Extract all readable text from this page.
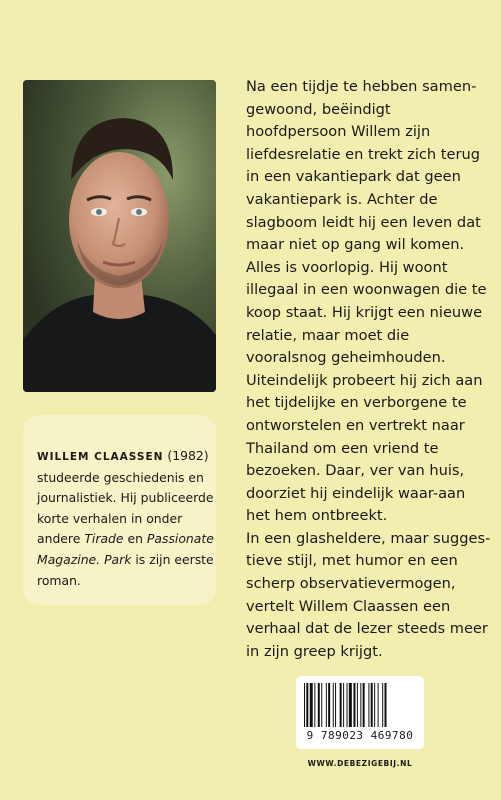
WILLEM CLAASSEN (1982) studeerde geschiedenis en journalistiek. Hij publiceerde korte verhalen in onder andere Tirade en Passionate Magazine. Park is zijn eerste roman.

Na een tijdje te hebben samen-gewoond, beëindigt hoofdpersoon Willem zijn liefdesrelatie en trekt zich terug in een vakantiepark dat geen vakantiepark is. Achter de slagboom leidt hij een leven dat maar niet op gang wil komen. Alles is voorlopig. Hij woont illegaal in een woonwagen die te koop staat. Hij krijgt een nieuwe relatie, maar moet die vooralsnog geheimhouden. Uiteindelijk probeert hij zich aan het tijdelijke en verborgene te ontworstelen en vertrekt naar Thailand om een vriend te bezoeken. Daar, ver van huis, doorziet hij eindelijk waar-aan het hem ontbreekt.

In een glasheldere, maar sugges-tieve stijl, met humor en een scherp observatievermogen, vertelt Willem Claassen een verhaal dat de lezer steeds meer in zijn greep krijgt.

9 789023 469780
WWW.DEBEZIGEBIJ.NL
